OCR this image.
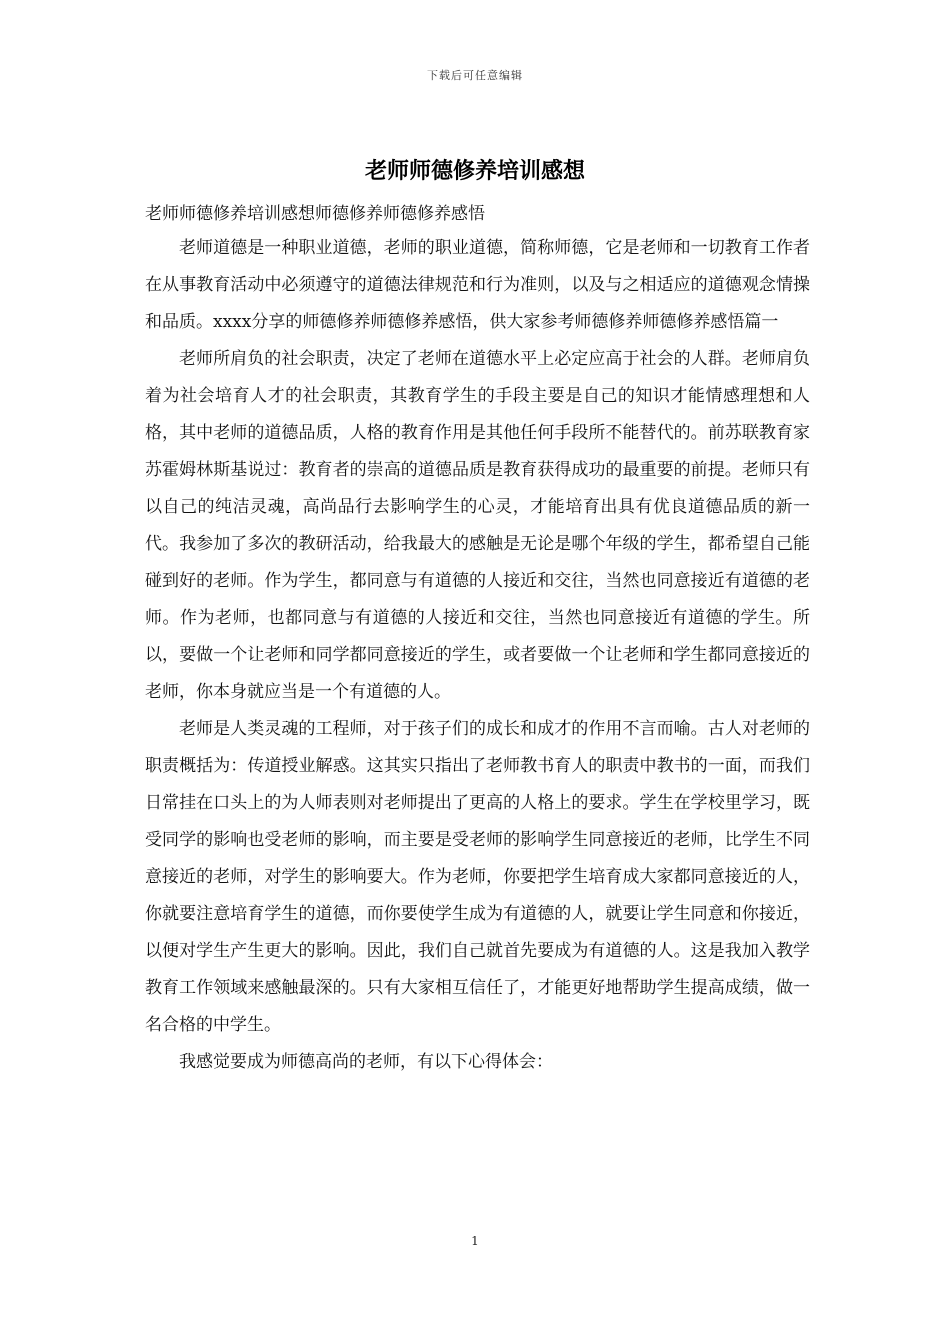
下载后可任意编辑
老师师德修养培训感想

老师师德修养培训感想师德修养师德修养感悟

老师道德是一种职业道德，老师的职业道德，简称师德，它是老师和一切教育工作者在从事教育活动中必须遵守的道德法律规范和行为准则，以及与之相适应的道德观念情操和品质。xxxx分享的师德修养师德修养感悟，供大家参考师德修养师德修养感悟篇一

老师所肩负的社会职责，决定了老师在道德水平上必定应高于社会的人群。老师肩负着为社会培育人才的社会职责，其教育学生的手段主要是自己的知识才能情感理想和人格，其中老师的道德品质，人格的教育作用是其他任何手段所不能替代的。前苏联教育家苏霍姆林斯基说过：教育者的崇高的道德品质是教育获得成功的最重要的前提。老师只有以自己的纯洁灵魂，高尚品行去影响学生的心灵，才能培育出具有优良道德品质的新一代。我参加了多次的教研活动，给我最大的感触是无论是哪个年级的学生，都希望自己能碰到好的老师。作为学生，都同意与有道德的人接近和交往，当然也同意接近有道德的老师。作为老师，也都同意与有道德的人接近和交往，当然也同意接近有道德的学生。所以，要做一个让老师和同学都同意接近的学生，或者要做一个让老师和学生都同意接近的老师，你本身就应当是一个有道德的人。

老师是人类灵魂的工程师，对于孩子们的成长和成才的作用不言而喻。古人对老师的职责概括为：传道授业解惑。这其实只指出了老师教书育人的职责中教书的一面，而我们日常挂在口头上的为人师表则对老师提出了更高的人格上的要求。学生在学校里学习，既受同学的影响也受老师的影响，而主要是受老师的影响学生同意接近的老师，比学生不同意接近的老师，对学生的影响要大。作为老师，你要把学生培育成大家都同意接近的人，你就要注意培育学生的道德，而你要使学生成为有道德的人，就要让学生同意和你接近，以便对学生产生更大的影响。因此，我们自己就首先要成为有道德的人。这是我加入教学教育工作领域来感触最深的。只有大家相互信任了，才能更好地帮助学生提高成绩，做一名合格的中学生。

我感觉要成为师德高尚的老师，有以下心得体会：

1
